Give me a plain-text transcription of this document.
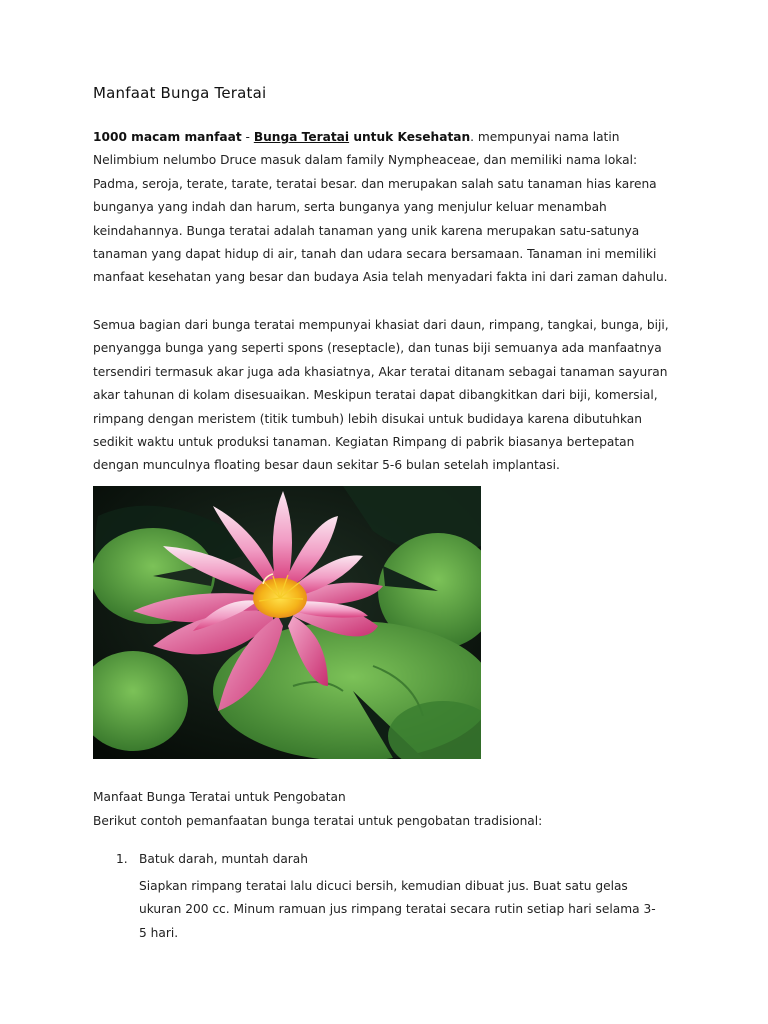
Manfaat Bunga Teratai
1000 macam manfaat - Bunga Teratai untuk Kesehatan. mempunyai nama latin Nelimbium nelumbo Druce masuk dalam family Nympheaceae, dan memiliki nama lokal: Padma, seroja, terate, tarate, teratai besar. dan merupakan salah satu tanaman hias karena bunganya yang indah dan harum, serta bunganya yang menjulur keluar menambah keindahannya. Bunga teratai adalah tanaman yang unik karena merupakan satu-satunya tanaman yang dapat hidup di air, tanah dan udara secara bersamaan. Tanaman ini memiliki manfaat kesehatan yang besar dan budaya Asia telah menyadari fakta ini dari zaman dahulu.
Semua bagian dari bunga teratai mempunyai khasiat dari daun, rimpang, tangkai, bunga, biji, penyangga bunga yang seperti spons (reseptacle), dan tunas biji semuanya ada manfaatnya tersendiri termasuk akar juga ada khasiatnya, Akar teratai ditanam sebagai tanaman sayuran akar tahunan di kolam disesuaikan. Meskipun teratai dapat dibangkitkan dari biji, komersial, rimpang dengan meristem (titik tumbuh) lebih disukai untuk budidaya karena dibutuhkan sedikit waktu untuk produksi tanaman. Kegiatan Rimpang di pabrik biasanya bertepatan dengan munculnya floating besar daun sekitar 5-6 bulan setelah implantasi.
Manfaat Bunga Teratai untuk Pengobatan
Berikut contoh pemanfaatan bunga teratai untuk pengobatan tradisional:
1. Batuk darah, muntah darah
Siapkan rimpang teratai lalu dicuci bersih, kemudian dibuat jus. Buat satu gelas ukuran 200 cc. Minum ramuan jus rimpang teratai secara rutin setiap hari selama 3-5 hari.
